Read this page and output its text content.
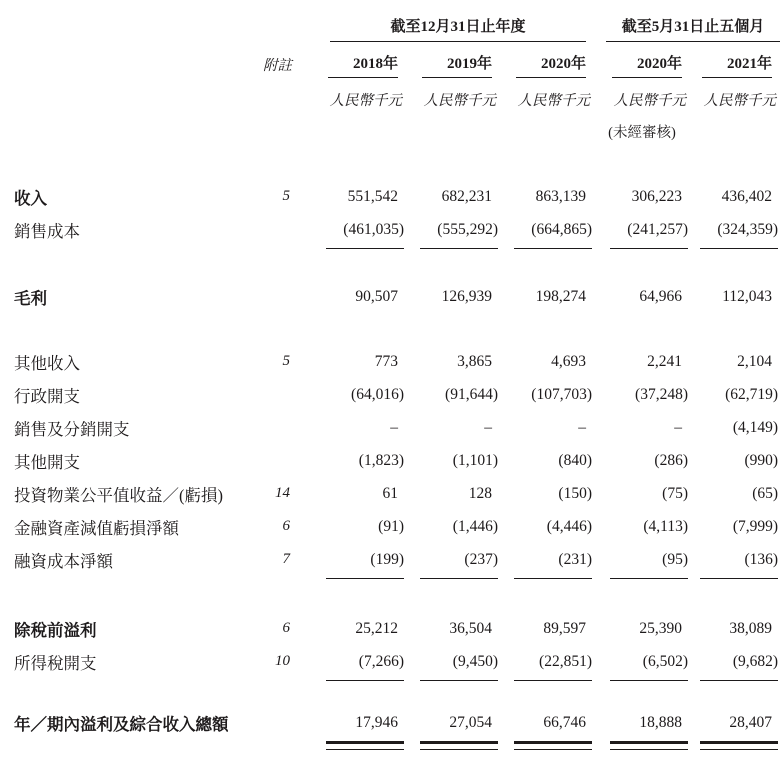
		截至12月31日止年度			截至5月31日止五個月	

	附註	2018年	2019年	2020年	2020年	2021年

		人民幣千元	人民幣千元	人民幣千元	人民幣千元	人民幣千元
					(未經審核)	

收入	5	551,542	682,231	863,139	306,223	436,402
銷售成本		(461,035)	(555,292)	(664,865)	(241,257)	(324,359)

毛利		90,507	126,939	198,274	64,966	112,043

其他收入	5	773	3,865	4,693	2,241	2,104
行政開支		(64,016)	(91,644)	(107,703)	(37,248)	(62,719)
銷售及分銷開支		–	–	–	–	(4,149)
其他開支		(1,823)	(1,101)	(840)	(286)	(990)
投資物業公平值收益／(虧損)	14	61	128	(150)	(75)	(65)
金融資產減值虧損淨額	6	(91)	(1,446)	(4,446)	(4,113)	(7,999)
融資成本淨額	7	(199)	(237)	(231)	(95)	(136)

除稅前溢利	6	25,212	36,504	89,597	25,390	38,089
所得稅開支	10	(7,266)	(9,450)	(22,851)	(6,502)	(9,682)

年／期內溢利及綜合收入總額		17,946	27,054	66,746	18,888	28,407
